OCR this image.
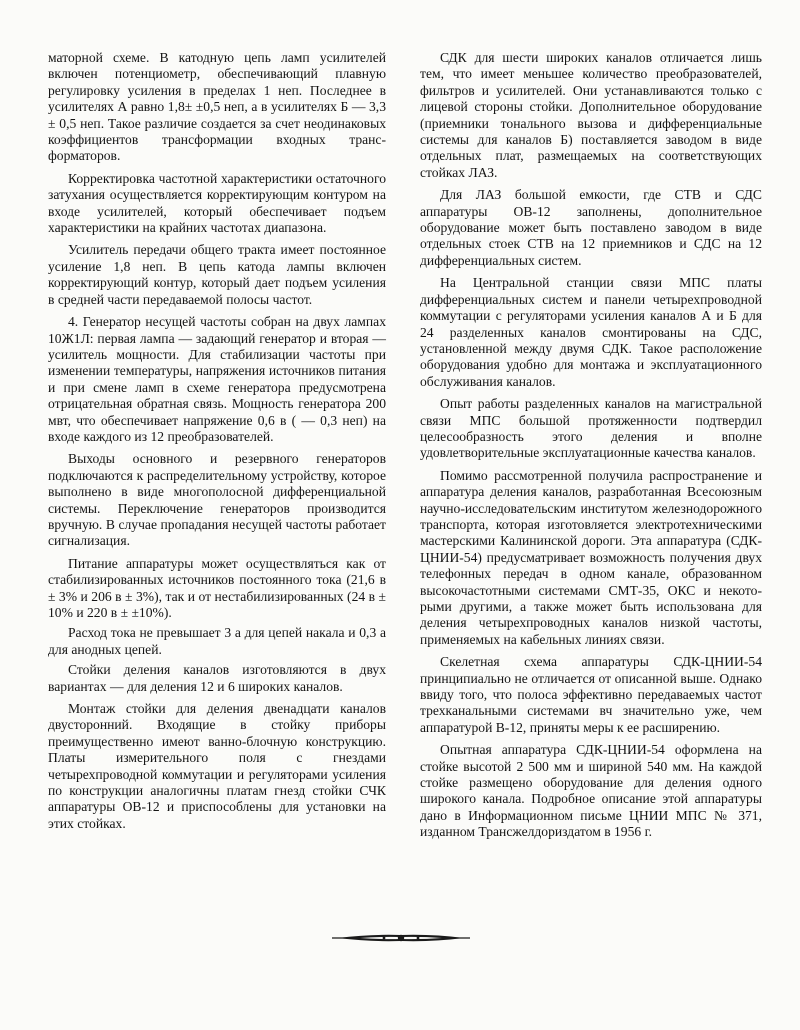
маторной схеме. В катодную цепь ламп усилителей включен потенциометр, обеспечивающий плавную регулировку усиления в пределах 1 неп. Последнее в усилителях А равно 1,8± ±0,5 неп, а в усилителях Б — 3,3 ± 0,5 неп. Такое различие создается за счет неодинаковых коэффициентов трансформации входных трансформаторов.

Корректировка частотной характеристики остаточного затухания осуществляется корректирующим контуром на входе усилителей, который обеспечивает подъем характеристики на крайних частотах диапазона.

Усилитель передачи общего тракта имеет постоянное усиление 1,8 неп. В цепь катода лампы включен корректирующий контур, который дает подъем усиления в средней части передаваемой полосы частот.

4. Генератор несущей частоты собран на двух лампах 10Ж1Л: первая лампа — задающий генератор и вторая — усилитель мощности. Для стабилизации частоты при изменении температуры, напряжения источников питания и при смене ламп в схеме генератора предусмотрена отрицательная обратная связь. Мощность генератора 200 мвт, что обеспечивает напряжение 0,6 в ( — 0,3 неп) на входе каждого из 12 преобразователей.

Выходы основного и резервного генераторов подключаются к распределительному устройству, которое выполнено в виде многополосной дифференциальной системы. Переключение генераторов производится вручную. В случае пропадания несущей частоты работает сигнализация.

Питание аппаратуры может осуществляться как от стабилизированных источников постоянного тока (21,6 в ± 3% и 206 в ± 3%), так и от нестабилизированных (24 в ± 10% и 220 в ± ±10%).

Расход тока не превышает 3 а для цепей накала и 0,3 а для анодных цепей.

Стойки деления каналов изготовляются в двух вариантах — для деления 12 и 6 широких каналов.

Монтаж стойки для деления двенадцати каналов двусторонний. Входящие в стойку приборы преимущественно имеют ванно-блочную конструкцию. Платы измерительного поля с гнездами четырехпроводной коммутации и регуляторами усиления по конструкции аналогичны платам гнезд стойки СЧК аппаратуры ОВ-12 и приспособлены для установки на этих стойках.

СДК для шести широких каналов отличается лишь тем, что имеет меньшее количество преобразователей, фильтров и усилителей. Они устанавливаются только с лицевой стороны стойки. Дополнительное оборудование (приемники тонального вызова и дифференциальные системы для каналов Б) поставляется заводом в виде отдельных плат, размещаемых на соответствующих стойках ЛАЗ.

Для ЛАЗ большой емкости, где СТВ и СДС аппаратуры ОВ-12 заполнены, дополнительное оборудование может быть поставлено заводом в виде отдельных стоек СТВ на 12 приемников и СДС на 12 дифференциальных систем.

На Центральной станции связи МПС платы дифференциальных систем и панели четырехпроводной коммутации с регуляторами усиления каналов А и Б для 24 разделенных каналов смонтированы на СДС, установленной между двумя СДК. Такое расположение оборудования удобно для монтажа и эксплуатационного обслуживания каналов.

Опыт работы разделенных каналов на магистральной связи МПС большой протяженности подтвердил целесообразность этого деления и вполне удовлетворительные эксплуатационные качества каналов.

Помимо рассмотренной получила распространение и аппаратура деления каналов, разработанная Всесоюзным научно-исследовательским институтом железнодорожного транспорта, которая изготовляется электротехническими мастерскими Калининской дороги. Эта аппаратура (СДК-ЦНИИ-54) предусматривает возможность получения двух телефонных передач в одном канале, образованном высокочастотными системами СМТ-35, ОКС и некоторыми другими, а также может быть использована для деления четырехпроводных каналов низкой частоты, применяемых на кабельных линиях связи.

Скелетная схема аппаратуры СДК-ЦНИИ-54 принципиально не отличается от описанной выше. Однако ввиду того, что полоса эффективно передаваемых частот трехканальными системами вч значительно уже, чем аппаратурой В-12, приняты меры к ее расширению.

Опытная аппаратура СДК-ЦНИИ-54 оформлена на стойке высотой 2 500 мм и шириной 540 мм. На каждой стойке размещено оборудование для деления одного широкого канала. Подробное описание этой аппаратуры дано в Информационном письме ЦНИИ МПС № 371, изданном Трансжелдориздатом в 1956 г.
